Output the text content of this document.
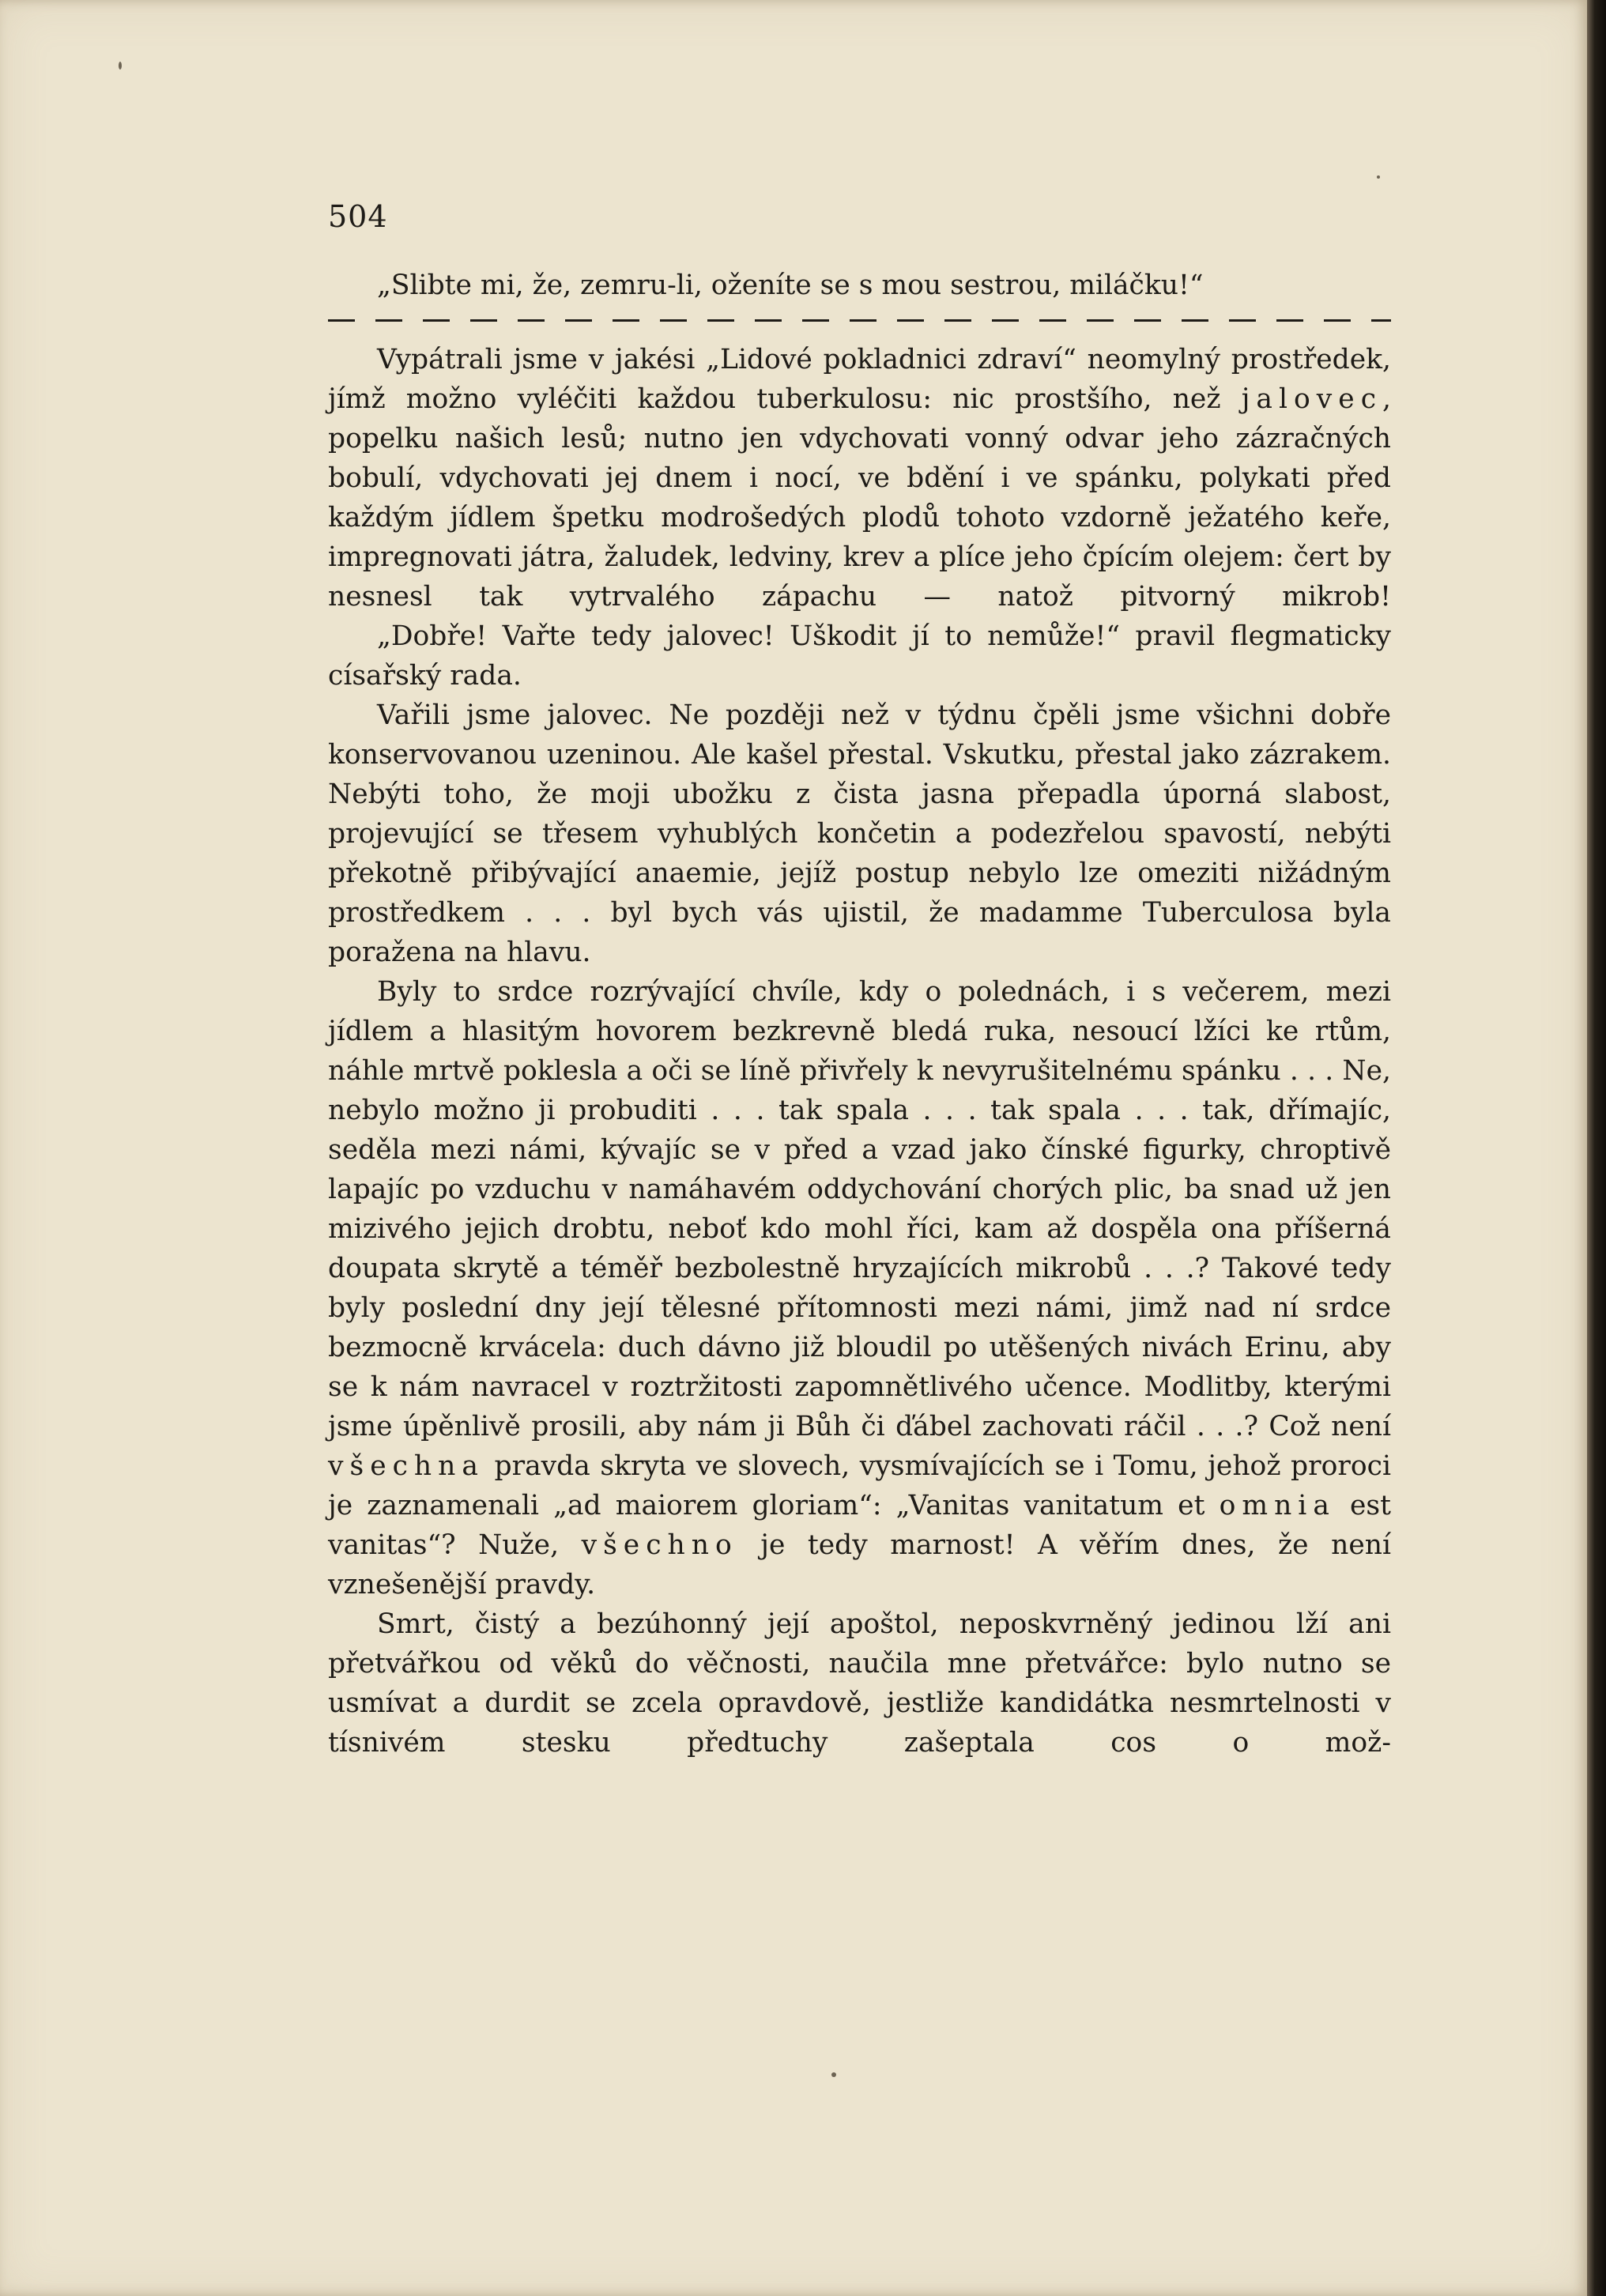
504

„Slibte mi, že, zemru-li, oženíte se s mou sestrou, miláčku!“

Vypátrali jsme v jakési „Lidové pokladnici zdraví“ neomylný prostředek, jímž možno vyléčiti každou tuberkulosu: nic prostšího, než jalovec, popelku našich lesů; nutno jen vdychovati vonný odvar jeho zázračných bobulí, vdychovati jej dnem i nocí, ve bdění i ve spánku, polykati před každým jídlem špetku modrošedých plodů tohoto vzdorně ježatého keře, impregnovati játra, žaludek, ledviny, krev a plíce jeho čpícím olejem: čert by nesnesl tak vytrvalého zápachu — natož pitvorný mikrob!

„Dobře! Vařte tedy jalovec! Uškodit jí to nemůže!“ pravil flegmaticky císařský rada.

Vařili jsme jalovec. Ne později než v týdnu čpěli jsme všichni dobře konservovanou uzeninou. Ale kašel přestal. Vskutku, přestal jako zázrakem. Nebýti toho, že moji ubožku z čista jasna přepadla úporná slabost, projevující se třesem vyhublých končetin a podezřelou spavostí, nebýti překotně přibývající anaemie, jejíž postup nebylo lze omeziti nižádným prostředkem . . . byl bych vás ujistil, že madamme Tuberculosa byla poražena na hlavu.

Byly to srdce rozrývající chvíle, kdy o polednách, i s večerem, mezi jídlem a hlasitým hovorem bezkrevně bledá ruka, nesoucí lžíci ke rtům, náhle mrtvě poklesla a oči se líně přivřely k nevyrušitelnému spánku . . . Ne, nebylo možno ji probuditi . . . tak spala . . . tak spala . . . tak, dřímajíc, seděla mezi námi, kývajíc se v před a vzad jako čínské figurky, chroptivě lapajíc po vzduchu v namáhavém oddychování chorých plic, ba snad už jen mizivého jejich drobtu, neboť kdo mohl říci, kam až dospěla ona příšerná doupata skrytě a téměř bezbolestně hryzajících mikrobů . . .? Takové tedy byly poslední dny její tělesné přítomnosti mezi námi, jimž nad ní srdce bezmocně krvácela: duch dávno již bloudil po utěšených nivách Erinu, aby se k nám navracel v roztržitosti zapomnětlivého učence. Modlitby, kterými jsme úpěnlivě prosili, aby nám ji Bůh či ďábel zachovati ráčil . . .? Což není všechna pravda skryta ve slovech, vysmívajících se i Tomu, jehož proroci je zaznamenali „ad maiorem gloriam“: „Vanitas vanitatum et omnia est vanitas“? Nuže, všechno je tedy marnost! A věřím dnes, že není vznešenější pravdy.

Smrt, čistý a bezúhonný její apoštol, neposkvrněný jedinou lží ani přetvářkou od věků do věčnosti, naučila mne přetvářce: bylo nutno se usmívat a durdit se zcela opravdově, jestliže kandidátka nesmrtelnosti v tísnivém stesku předtuchy zašeptala cos o mož-
